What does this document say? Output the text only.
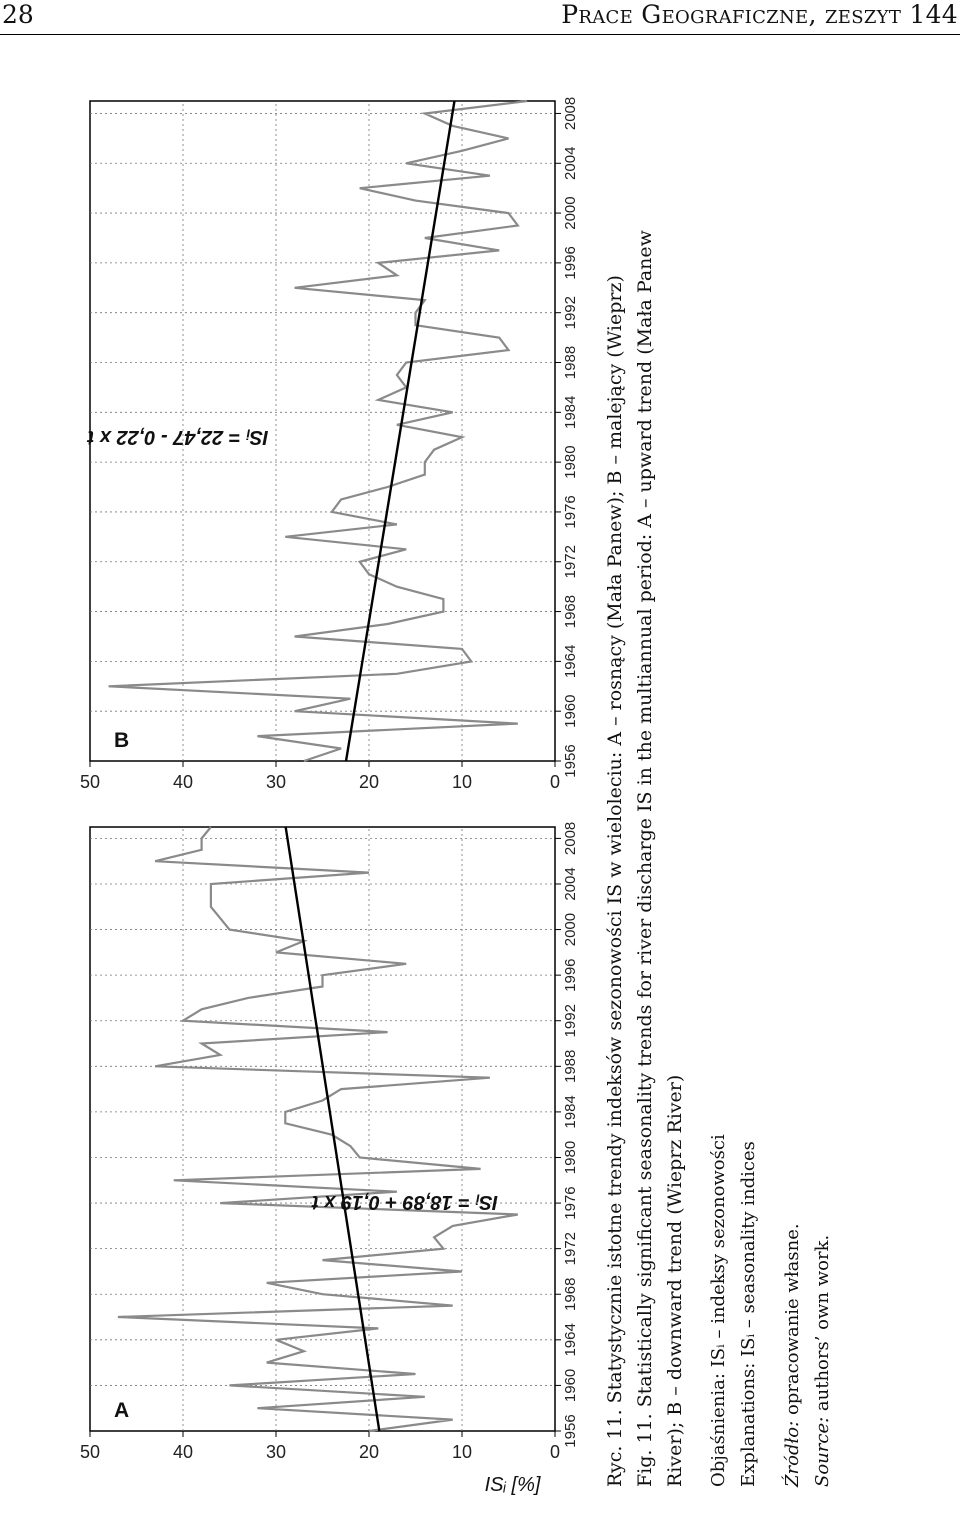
28	Prace Geograficzne, zeszyt 144
0
10
20
30
40
50
1956
1960
1964
1968
1972
1976
1980
1984
1988
1992
1996
2000
2004
2008
A
ISᵢ = 18,89 + 0,19 x t
ISᵢ [%]
0
10
20
30
40
50
1956
1960
1964
1968
1972
1976
1980
1984
1988
1992
1996
2000
2004
2008
B
ISᵢ = 22,47 - 0,22 x t	Ryc. 11. Statystycznie istotne trendy indeksów sezonowości IS w wieloleciu: A – rosnący (Mała Panew); B – malejący (Wieprz) Fig. 11. Statistically significant seasonality trends for river discharge IS in the multiannual period: A – upward trend (Mała Panew River); B – downward trend (Wieprz River) Objaśnienia: ISᵢ – indeksy sezonowości Explanations: ISᵢ – seasonality indices Źródło: opracowanie własne.

Source: authors’ own work.
